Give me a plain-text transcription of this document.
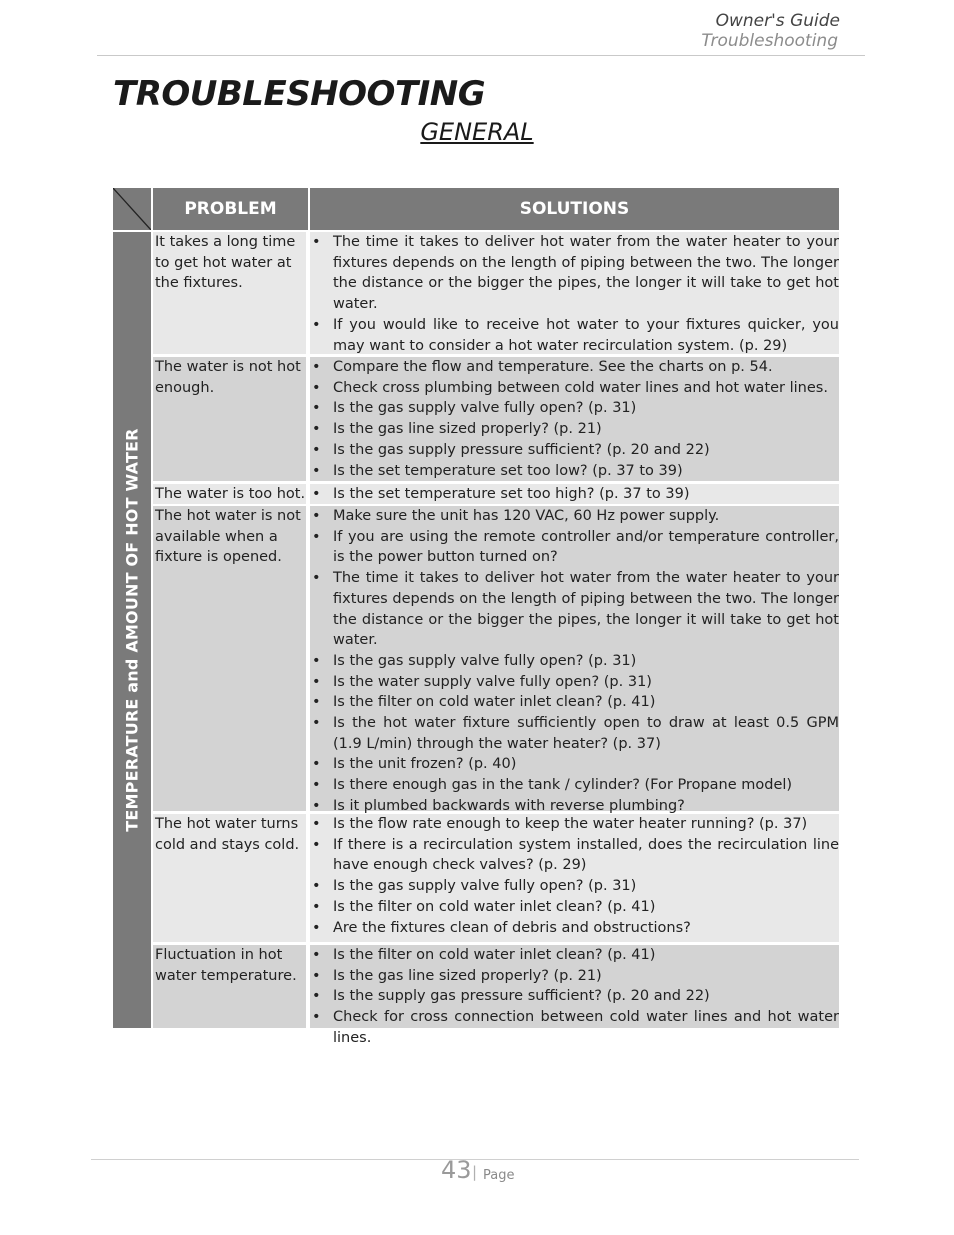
Owner's Guide
Troubleshooting
TROUBLESHOOTING
GENERAL
PROBLEM	SOLUTIONS
TEMPERATURE and AMOUNT OF HOT WATER
It takes a long time to get hot water at the fixtures.
• The time it takes to deliver hot water from the water heater to your fixtures depends on the length of piping between the two. The longer the distance or the bigger the pipes, the longer it will take to get hot water.
• If you would like to receive hot water to your fixtures quicker, you may want to consider a hot water recirculation system. (p. 29)
The water is not hot enough.
• Compare the flow and temperature. See the charts on p. 54.
• Check cross plumbing between cold water lines and hot water lines.
• Is the gas supply valve fully open? (p. 31)
• Is the gas line sized properly? (p. 21)
• Is the gas supply pressure sufficient? (p. 20 and 22)
• Is the set temperature set too low? (p. 37 to 39)
The water is too hot. • Is the set temperature set too high? (p. 37 to 39)
The hot water is not available when a fixture is opened.
• Make sure the unit has 120 VAC, 60 Hz power supply.
• If you are using the remote controller and/or temperature controller, is the power button turned on?
• The time it takes to deliver hot water from the water heater to your fixtures depends on the length of piping between the two. The longer the distance or the bigger the pipes, the longer it will take to get hot water.
• Is the gas supply valve fully open? (p. 31)
• Is the water supply valve fully open? (p. 31)
• Is the filter on cold water inlet clean? (p. 41)
• Is the hot water fixture sufficiently open to draw at least 0.5 GPM (1.9 L/min) through the water heater? (p. 37)
• Is the unit frozen? (p. 40)
• Is there enough gas in the tank / cylinder? (For Propane model)
• Is it plumbed backwards with reverse plumbing?
The hot water turns cold and stays cold.
• Is the flow rate enough to keep the water heater running? (p. 37)
• If there is a recirculation system installed, does the recirculation line have enough check valves? (p. 29)
• Is the gas supply valve fully open? (p. 31)
• Is the filter on cold water inlet clean? (p. 41)
• Are the fixtures clean of debris and obstructions?
Fluctuation in hot water temperature.
• Is the filter on cold water inlet clean? (p. 41)
• Is the gas line sized properly? (p. 21)
• Is the supply gas pressure sufficient? (p. 20 and 22)
• Check for cross connection between cold water lines and hot water lines.
43 | Page
